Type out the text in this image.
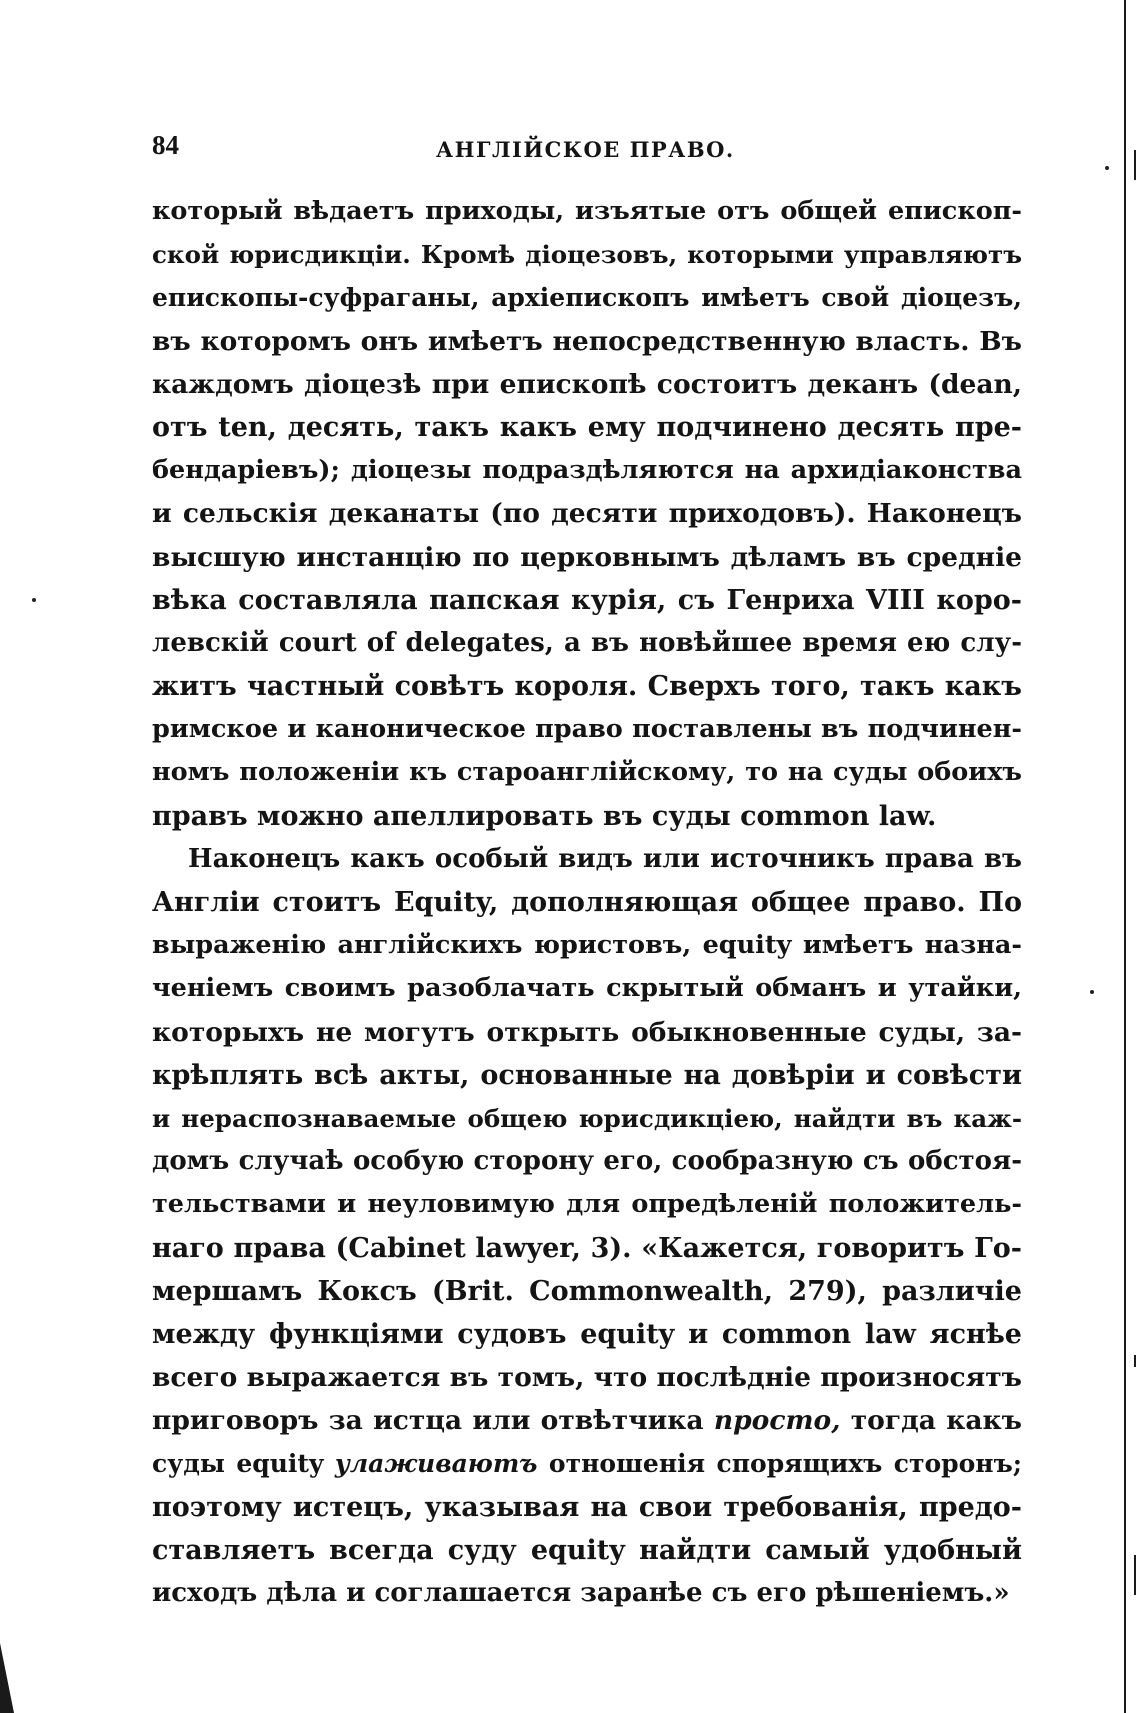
84	АНГЛІЙСКОЕ ПРАВО.
который вѣдаетъ приходы, изъятые отъ общей епископ-
ской юрисдикціи. Кромѣ діоцезовъ, которыми управляютъ
епископы-суфраганы, архіепископъ имѣетъ свой діоцезъ,
въ которомъ онъ имѣетъ непосредственную власть. Въ
каждомъ діоцезѣ при епископѣ состоитъ деканъ (dean,
отъ ten, десять, такъ какъ ему подчинено десять пре-
бендаріевъ); діоцезы подраздѣляются на архидіаконства
и сельскія деканаты (по десяти приходовъ). Наконецъ
высшую инстанцію по церковнымъ дѣламъ въ средніе
вѣка составляла папская курія, съ Генриха VIII коро-
левскій court of delegates, а въ новѣйшее время ею слу-
житъ частный совѣтъ короля. Сверхъ того, такъ какъ
римское и каноническое право поставлены въ подчинен-
номъ положеніи къ староанглійскому, то на суды обоихъ
правъ можно апеллировать въ суды common law.
Наконецъ какъ особый видъ или источникъ права въ
Англіи стоитъ Equity, дополняющая общее право. По
выраженію англійскихъ юристовъ, equity имѣетъ назна-
ченіемъ своимъ разоблачать скрытый обманъ и утайки,
которыхъ не могутъ открыть обыкновенные суды, за-
крѣплять всѣ акты, основанные на довѣріи и совѣсти
и нераспознаваемые общею юрисдикціею, найдти въ каж-
домъ случаѣ особую сторону его, сообразную съ обстоя-
тельствами и неуловимую для опредѣленій положитель-
наго права (Cabinet lawyer, 3). «Кажется, говоритъ Го-
мершамъ Коксъ (Brit. Commonwealth, 279), различіе
между функціями судовъ equity и common law яснѣе
всего выражается въ томъ, что послѣдніе произносятъ
приговоръ за истца или отвѣтчика просто, тогда какъ
суды equity улаживаютъ отношенія спорящихъ сторонъ;
поэтому истецъ, указывая на свои требованія, предо-
ставляетъ всегда суду equity найдти самый удобный
исходъ дѣла и соглашается заранѣе съ его рѣшеніемъ.»
